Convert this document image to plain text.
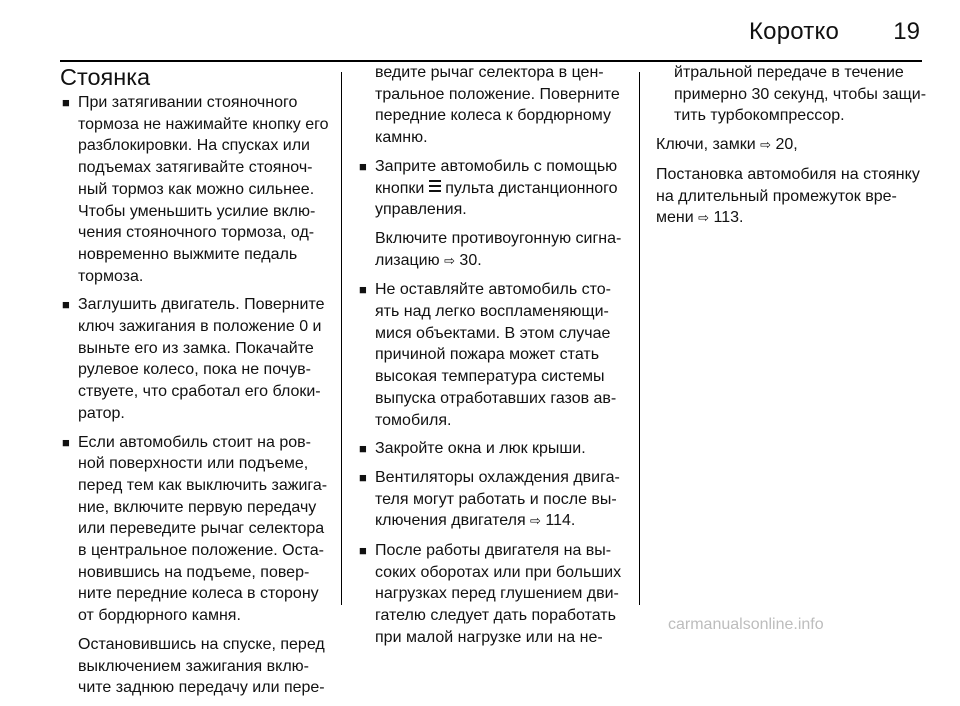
Коротко 19
Стоянка
■ При затягивании стояночного
тормоза не нажимайте кнопку его
разблокировки. На спусках или
подъемах затягивайте стояноч-
ный тормоз как можно сильнее.
Чтобы уменьшить усилие вклю-
чения стояночного тормоза, од-
новременно выжмите педаль
тормоза.
■ Заглушить двигатель. Поверните
ключ зажигания в положение 0 и
выньте его из замка. Покачайте
рулевое колесо, пока не почув-
ствуете, что сработал его блоки-
ратор.
■ Если автомобиль стоит на ров-
ной поверхности или подъеме,
перед тем как выключить зажига-
ние, включите первую передачу
или переведите рычаг селектора
в центральное положение. Оста-
новившись на подъеме, повер-
ните передние колеса в сторону
от бордюрного камня.
Остановившись на спуске, перед
выключением зажигания вклю-
чите заднюю передачу или пере-
ведите рычаг селектора в цен-
тральное положение. Поверните
передние колеса к бордюрному
камню.
■ Заприте автомобиль с помощью
кнопки  пульта дистанционного
управления.
Включите противоугонную сигна-
лизацию ⇨ 30.
■ Не оставляйте автомобиль сто-
ять над легко воспламеняющи-
мися объектами. В этом случае
причиной пожара может стать
высокая температура системы
выпуска отработавших газов ав-
томобиля.
■ Закройте окна и люк крыши.
■ Вентиляторы охлаждения двига-
теля могут работать и после вы-
ключения двигателя ⇨ 114.
■ После работы двигателя на вы-
соких оборотах или при больших
нагрузках перед глушением дви-
гателю следует дать поработать
при малой нагрузке или на не-
йтральной передаче в течение
примерно 30 секунд, чтобы защи-
тить турбокомпрессор.
Ключи, замки ⇨ 20,
Постановка автомобиля на стоянку
на длительный промежуток вре-
мени ⇨ 113.
carmanualsonline.info
